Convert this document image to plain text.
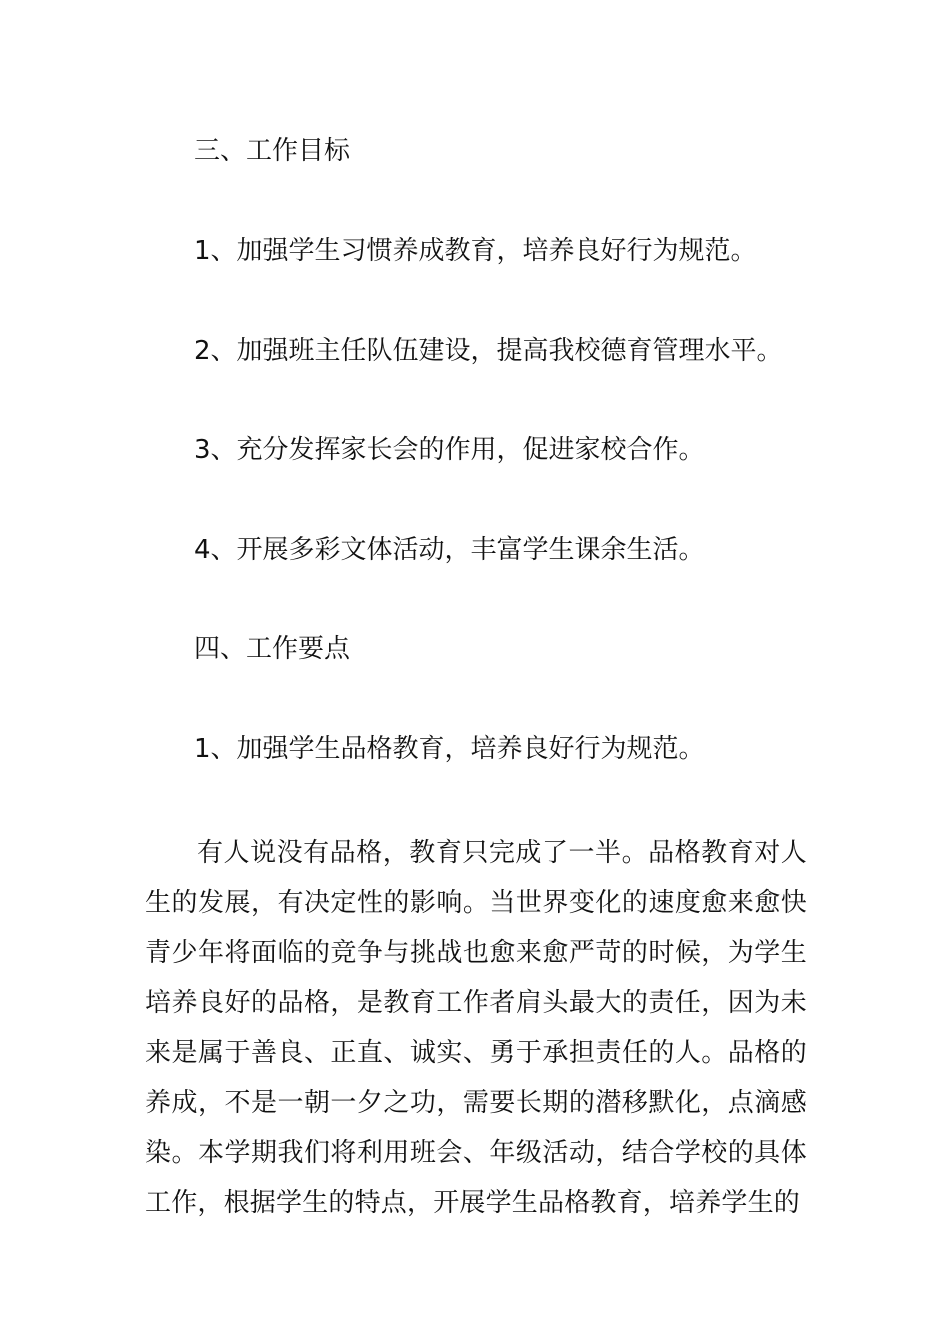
三、工作目标
1、加强学生习惯养成教育，培养良好行为规范。
2、加强班主任队伍建设，提高我校德育管理水平。
3、充分发挥家长会的作用，促进家校合作。
4、开展多彩文体活动，丰富学生课余生活。
四、工作要点
1、加强学生品格教育，培养良好行为规范。
有人说没有品格，教育只完成了一半。品格教育对人生的发展，有决定性的影响。当世界变化的速度愈来愈快青少年将面临的竞争与挑战也愈来愈严苛的时候，为学生培养良好的品格，是教育工作者肩头最大的责任，因为未来是属于善良、正直、诚实、勇于承担责任的人。品格的养成，不是一朝一夕之功，需要长期的潜移默化，点滴感染。本学期我们将利用班会、年级活动，结合学校的具体工作，根据学生的特点，开展学生品格教育，培养学生的
